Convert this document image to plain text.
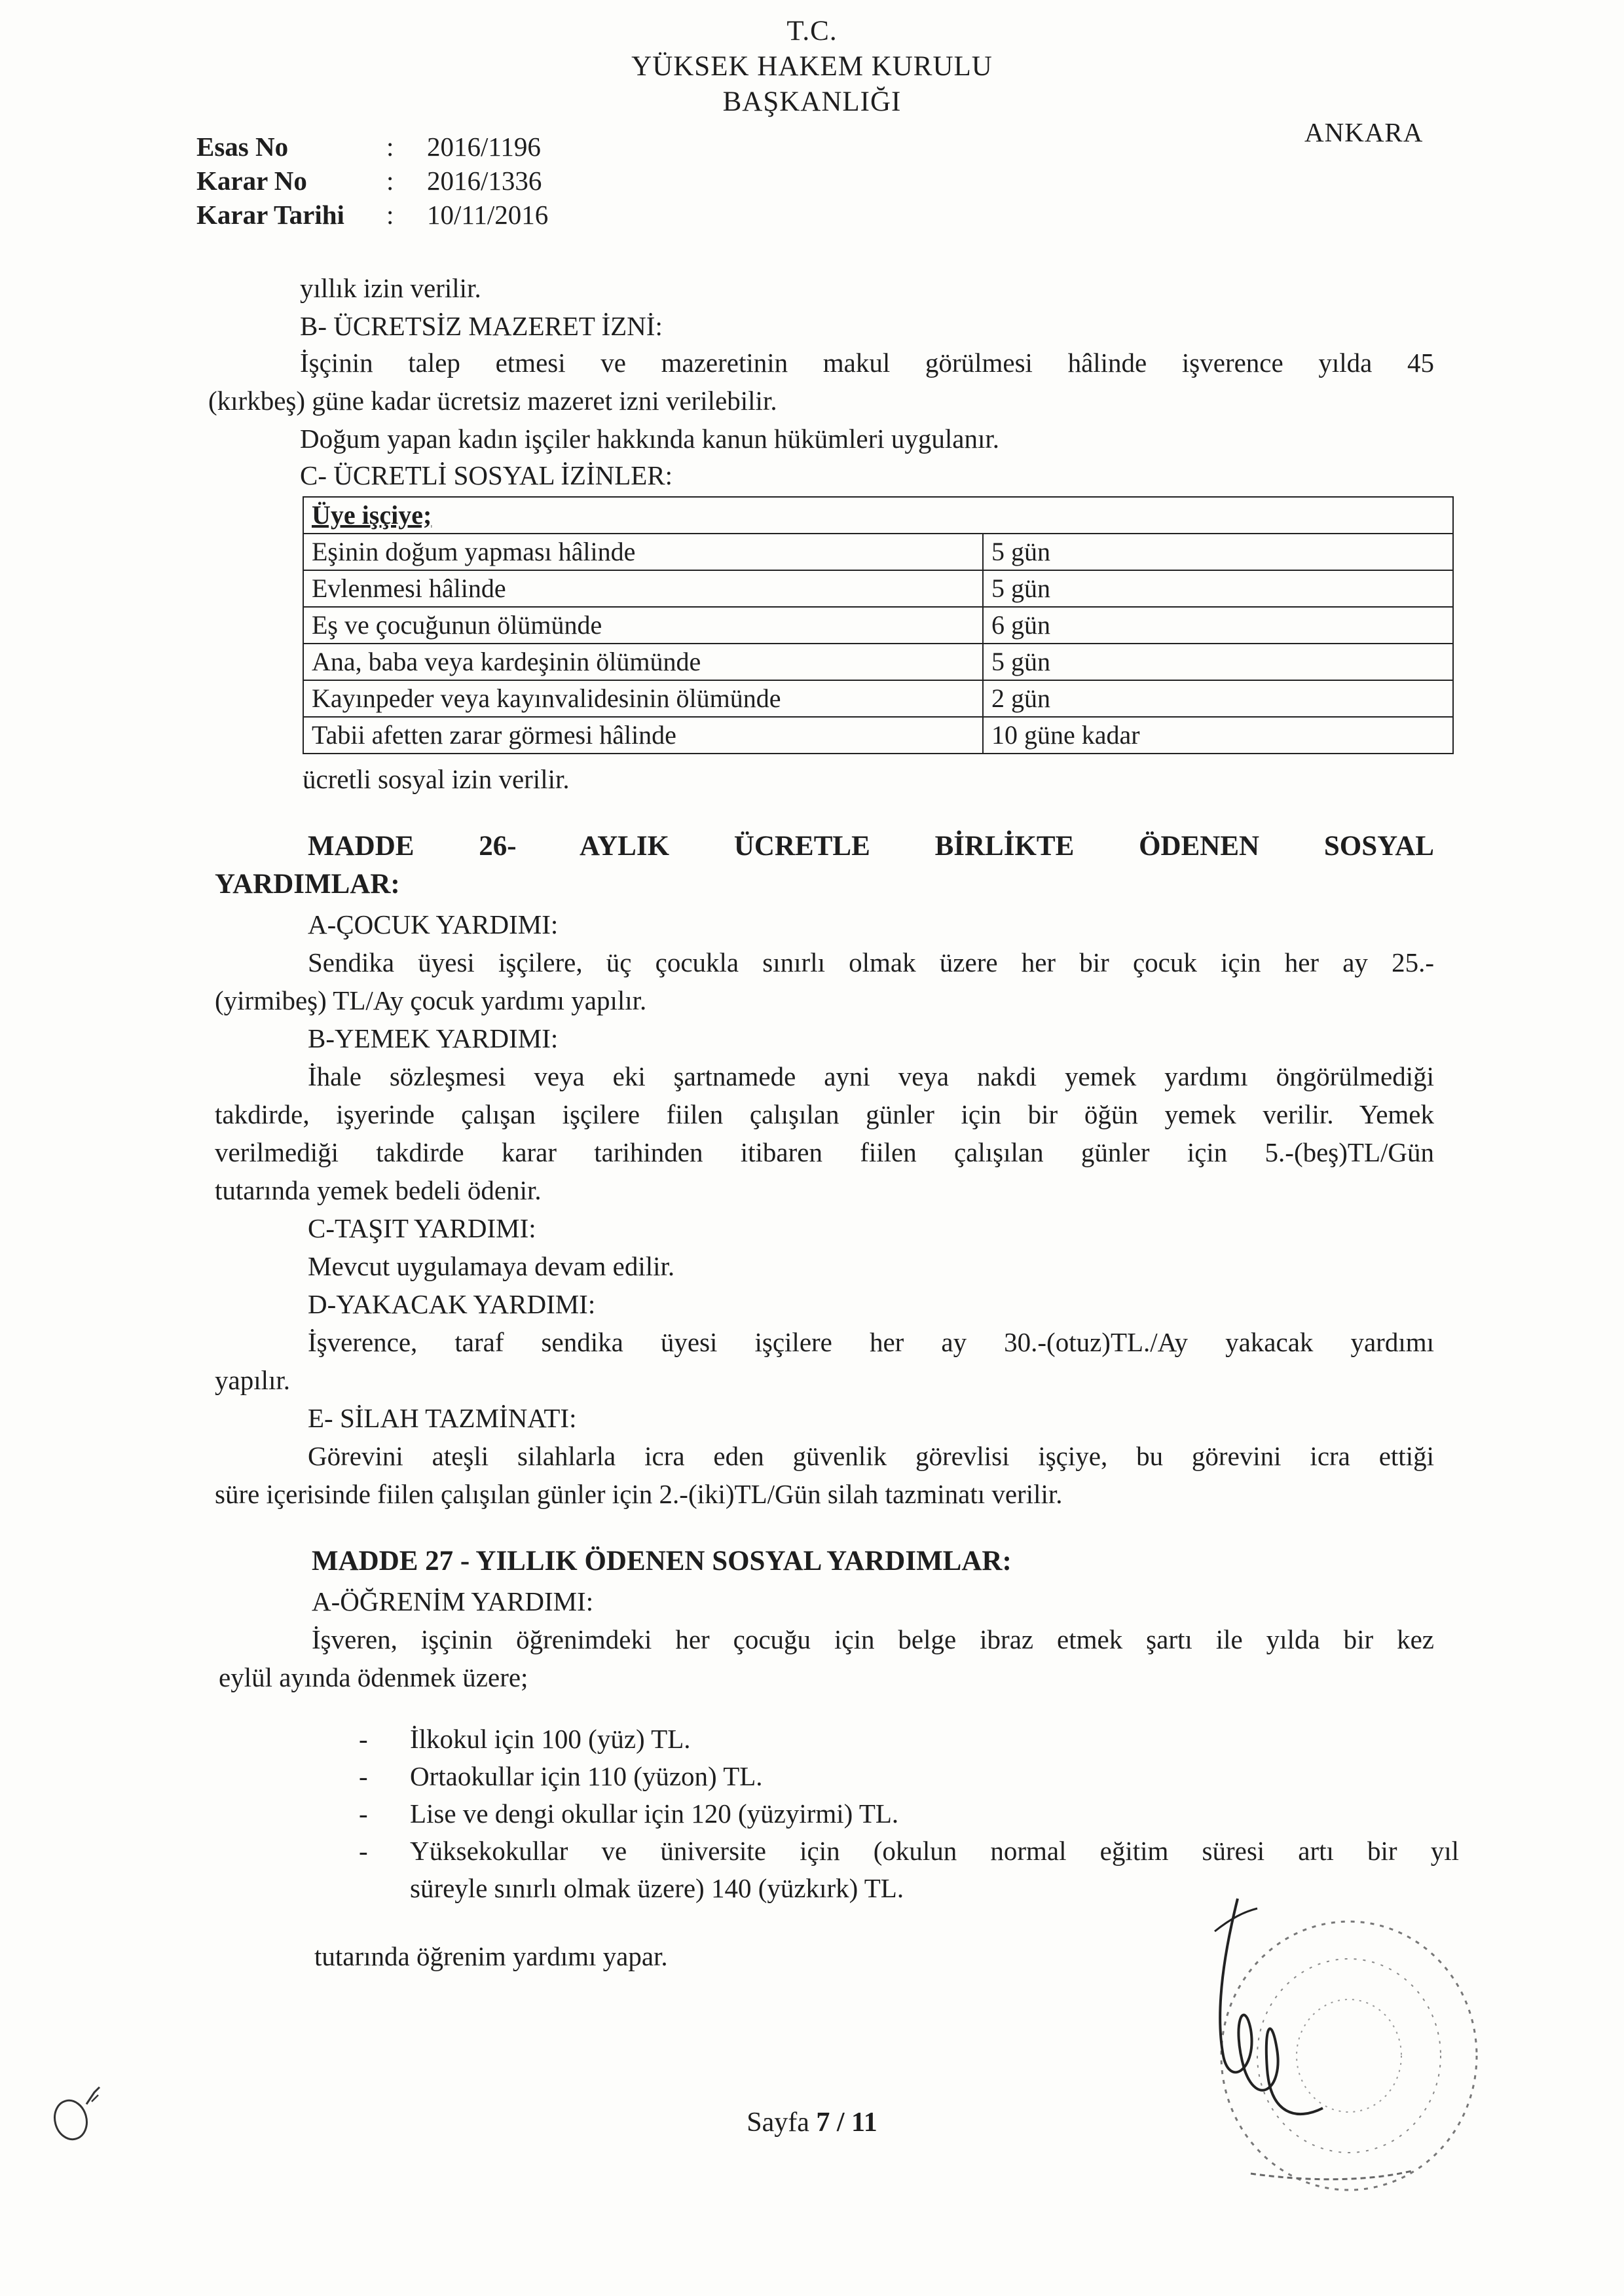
T.C.
YÜKSEK HAKEM KURULU
BAŞKANLIĞI
ANKARA
Esas No	:	2016/1196
Karar No	:	2016/1336
Karar Tarihi	:	10/11/2016
yıllık izin verilir.
B- ÜCRETSİZ MAZERET İZNİ:
İşçinin talep etmesi ve mazeretinin makul görülmesi hâlinde işverence yılda 45
(kırkbeş) güne kadar ücretsiz mazeret izni verilebilir.
Doğum yapan kadın işçiler hakkında kanun hükümleri uygulanır.
C- ÜCRETLİ SOSYAL İZİNLER:
Üye işçiye;	
Eşinin doğum yapması hâlinde	5 gün
Evlenmesi hâlinde	5 gün
Eş ve çocuğunun ölümünde	6 gün
Ana, baba veya kardeşinin ölümünde	5 gün
Kayınpeder veya kayınvalidesinin ölümünde	2 gün
Tabii afetten zarar görmesi hâlinde	10 güne kadar
ücretli sosyal izin verilir.
MADDE 26- AYLIK ÜCRETLE BİRLİKTE ÖDENEN SOSYAL
YARDIMLAR:
A-ÇOCUK YARDIMI:
Sendika üyesi işçilere, üç çocukla sınırlı olmak üzere her bir çocuk için her ay 25.-
(yirmibeş) TL/Ay çocuk yardımı yapılır.
B-YEMEK YARDIMI:
İhale sözleşmesi veya eki şartnamede ayni veya nakdi yemek yardımı öngörülmediği
takdirde, işyerinde çalışan işçilere fiilen çalışılan günler için bir öğün yemek verilir. Yemek
verilmediği takdirde karar tarihinden itibaren fiilen çalışılan günler için 5.-(beş)TL/Gün
tutarında yemek bedeli ödenir.
C-TAŞIT YARDIMI:
Mevcut uygulamaya devam edilir.
D-YAKACAK YARDIMI:
İşverence, taraf sendika üyesi işçilere her ay 30.-(otuz)TL./Ay yakacak yardımı
yapılır.
E- SİLAH TAZMİNATI:
Görevini ateşli silahlarla icra eden güvenlik görevlisi işçiye, bu görevini icra ettiği
süre içerisinde fiilen çalışılan günler için 2.-(iki)TL/Gün silah tazminatı verilir.
MADDE 27 - YILLIK ÖDENEN SOSYAL YARDIMLAR:
A-ÖĞRENİM YARDIMI:
İşveren, işçinin öğrenimdeki her çocuğu için belge ibraz etmek şartı ile yılda bir kez
eylül ayında ödenmek üzere;
-	İlkokul için 100 (yüz) TL.
-	Ortaokullar için 110 (yüzon) TL.
-	Lise ve dengi okullar için 120 (yüzyirmi) TL.
-	Yüksekokullar ve üniversite için (okulun normal eğitim süresi artı bir yıl
süreyle sınırlı olmak üzere) 140 (yüzkırk) TL.
tutarında öğrenim yardımı yapar.
Sayfa 7 / 11
